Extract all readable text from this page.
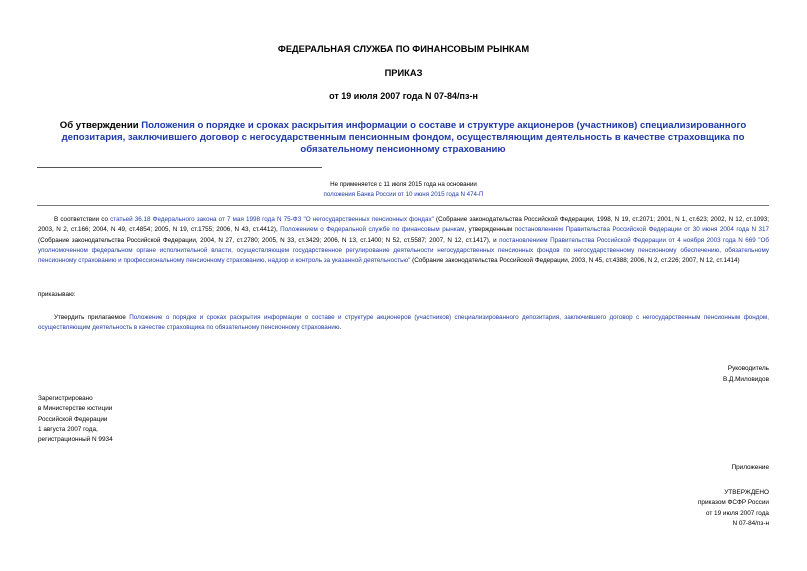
ФЕДЕРАЛЬНАЯ СЛУЖБА ПО ФИНАНСОВЫМ РЫНКАМ
ПРИКАЗ
от 19 июля 2007 года N 07-84/пз-н
Об утверждении Положения о порядке и сроках раскрытия информации о составе и структуре акционеров (участников) специализированного депозитария, заключившего договор с негосударственным пенсионным фондом, осуществляющим деятельность в качестве страховщика по обязательному пенсионному страхованию
Не применяется с 11 июля 2015 года на основании
положения Банка России от 10 июня 2015 года N 474-П
В соответствии со статьей 36.18 Федерального закона от 7 мая 1998 года N 75-ФЗ "О негосударственных пенсионных фондах" (Собрание законодательства Российской Федерации, 1998, N 19, ст.2071; 2001, N 1, ст.623; 2002, N 12, ст.1093; 2003, N 2, ст.166; 2004, N 49, ст.4854; 2005, N 19, ст.1755; 2006, N 43, ст.4412), Положением о Федеральной службе по финансовым рынкам, утвержденным постановлением Правительства Российской Федерации от 30 июня 2004 года N 317 (Собрание законодательства Российской Федерации, 2004, N 27, ст.2780; 2005, N 33, ст.3429; 2006, N 13, ст.1400; N 52, ст.5587; 2007, N 12, ст.1417), и постановлением Правительства Российской Федерации от 4 ноября 2003 года N 669 "Об уполномоченном федеральном органе исполнительной власти, осуществляющем государственное регулирование деятельности негосударственных пенсионных фондов по негосударственному пенсионному обеспечению, обязательному пенсионному страхованию и профессиональному пенсионному страхованию, надзор и контроль за указанной деятельностью" (Собрание законодательства Российской Федерации, 2003, N 45, ст.4388; 2006, N 2, ст.226; 2007, N 12, ст.1414)
приказываю:
Утвердить прилагаемое Положение о порядке и сроках раскрытия информации о составе и структуре акционеров (участников) специализированного депозитария, заключившего договор с негосударственным пенсионным фондом, осуществляющим деятельность в качестве страховщика по обязательному пенсионному страхованию.
Руководитель
В.Д.Миловидов
Зарегистрировано
в Министерстве юстиции
Российской Федерации
1 августа 2007 года,
регистрационный N 9934
Приложение
УТВЕРЖДЕНО
приказом ФСФР России
от 19 июля 2007 года
N 07-84/пз-н
